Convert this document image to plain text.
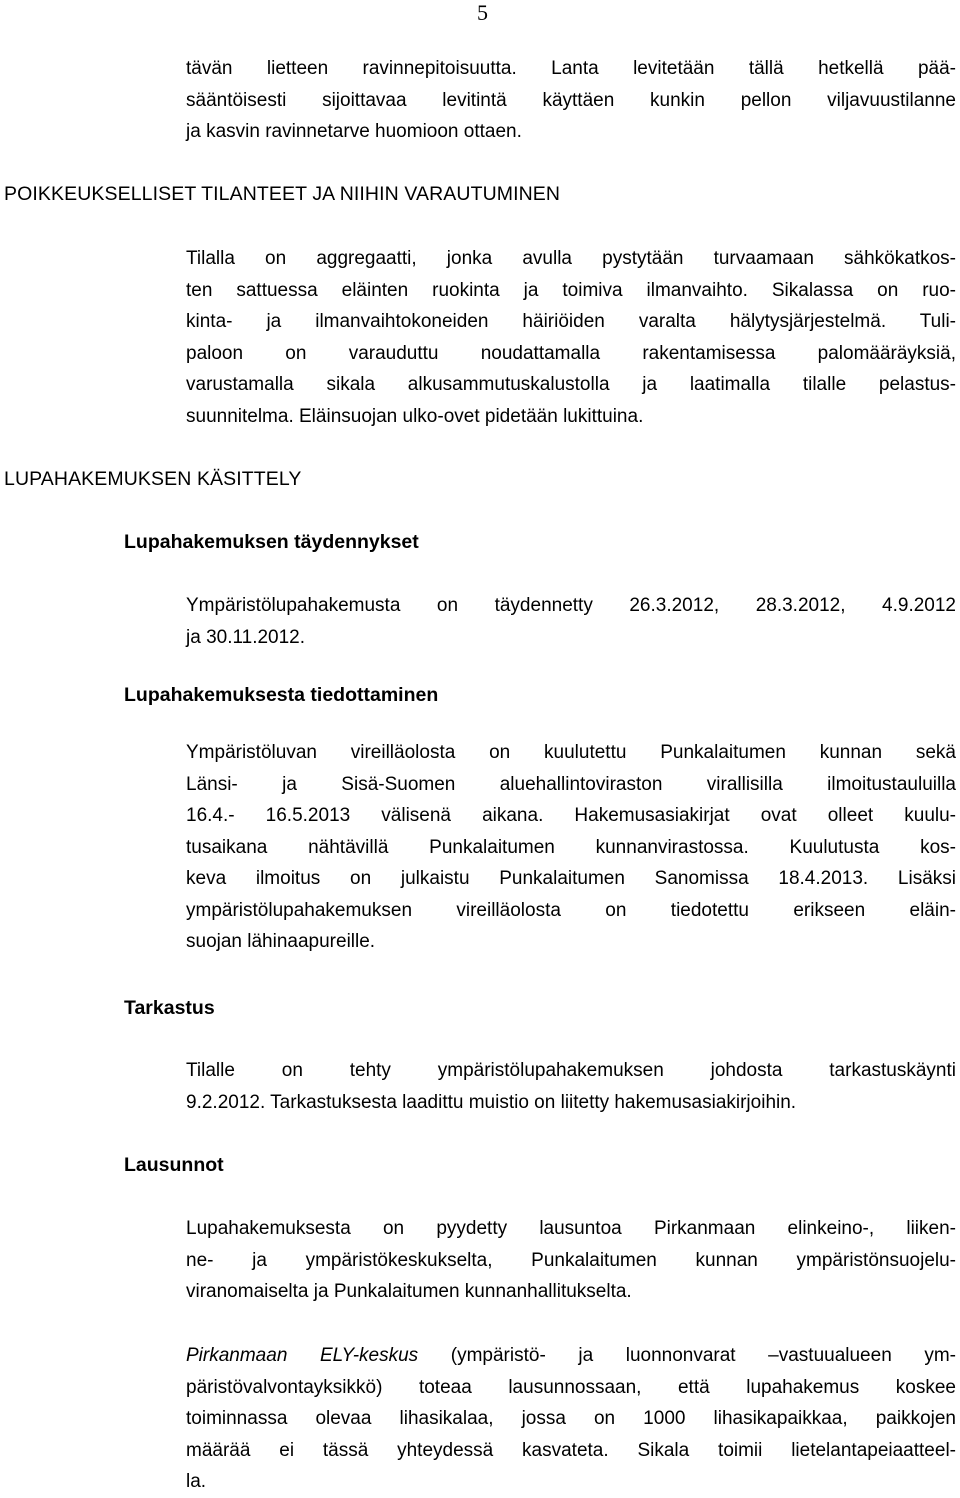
5

tävän lietteen ravinnepitoisuutta. Lanta levitetään tällä hetkellä pää-
sääntöisesti sijoittavaa levitintä käyttäen kunkin pellon viljavuustilanne
ja kasvin ravinnetarve huomioon ottaen.

POIKKEUKSELLISET TILANTEET JA NIIHIN VARAUTUMINEN

Tilalla on aggregaatti, jonka avulla pystytään turvaamaan sähkökatkos-
ten sattuessa eläinten ruokinta ja toimiva ilmanvaihto. Sikalassa on ruo-
kinta- ja ilmanvaihtokoneiden häiriöiden varalta hälytysjärjestelmä. Tuli-
paloon on varauduttu noudattamalla rakentamisessa palomääräyksiä,
varustamalla sikala alkusammutuskalustolla ja laatimalla tilalle pelastus-
suunnitelma. Eläinsuojan ulko-ovet pidetään lukittuina.

LUPAHAKEMUKSEN KÄSITTELY
Lupahakemuksen täydennykset

Ympäristölupahakemusta on täydennetty 26.3.2012, 28.3.2012, 4.9.2012
ja 30.11.2012.

Lupahakemuksesta tiedottaminen

Ympäristöluvan vireilläolosta on kuulutettu Punkalaitumen kunnan sekä
Länsi- ja Sisä-Suomen aluehallintoviraston virallisilla ilmoitustauluilla
16.4.- 16.5.2013 välisenä aikana. Hakemusasiakirjat ovat olleet kuulu-
tusaikana nähtävillä Punkalaitumen kunnanvirastossa. Kuulutusta kos-
keva ilmoitus on julkaistu Punkalaitumen Sanomissa 18.4.2013. Lisäksi
ympäristölupahakemuksen vireilläolosta on tiedotettu erikseen eläin-
suojan lähinaapureille.

Tarkastus

Tilalle on tehty ympäristölupahakemuksen johdosta tarkastuskäynti
9.2.2012. Tarkastuksesta laadittu muistio on liitetty hakemusasiakirjoihin.

Lausunnot

Lupahakemuksesta on pyydetty lausuntoa Pirkanmaan elinkeino-, liiken-
ne- ja ympäristökeskukselta, Punkalaitumen kunnan ympäristönsuojelu-
viranomaiselta ja Punkalaitumen kunnanhallitukselta.

Pirkanmaan ELY-keskus (ympäristö- ja luonnonvarat –vastuualueen ym-
päristövalvontayksikkö) toteaa lausunnossaan, että lupahakemus koskee
toiminnassa olevaa lihasikalaa, jossa on 1000 lihasikapaikkaa, paikkojen
määrää ei tässä yhteydessä kasvateta. Sikala toimii lietelantapeiaatteel-
la.
